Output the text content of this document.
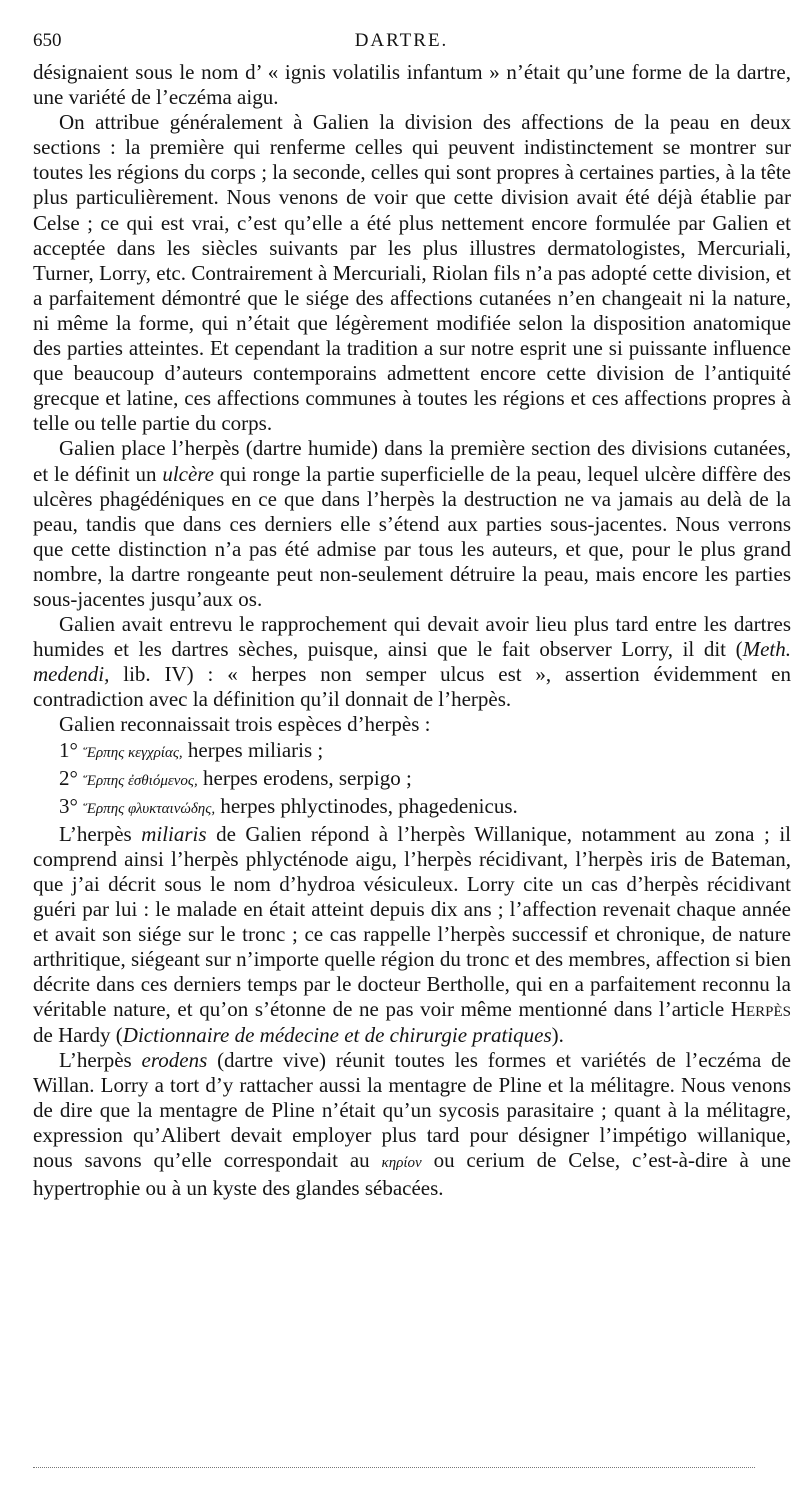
650	DARTRE.

désignaient sous le nom d’ « ignis volatilis infantum » n’était qu’une forme de la dartre, une variété de l’eczéma aigu.

On attribue généralement à Galien la division des affections de la peau en deux sections : la première qui renferme celles qui peuvent indistinctement se montrer sur toutes les régions du corps ; la seconde, celles qui sont propres à certaines parties, à la tête plus particulièrement. Nous venons de voir que cette division avait été déjà établie par Celse ; ce qui est vrai, c’est qu’elle a été plus nettement encore formulée par Galien et acceptée dans les siècles suivants par les plus illustres dermatologistes, Mercuriali, Turner, Lorry, etc. Contrairement à Mercuriali, Riolan fils n’a pas adopté cette division, et a parfaitement démontré que le siége des affections cutanées n’en changeait ni la nature, ni même la forme, qui n’était que légèrement modifiée selon la disposition anatomique des parties atteintes. Et cependant la tradition a sur notre esprit une si puissante influence que beaucoup d’auteurs contemporains admettent encore cette division de l’antiquité grecque et latine, ces affections communes à toutes les régions et ces affections propres à telle ou telle partie du corps.

Galien place l’herpès (dartre humide) dans la première section des divisions cutanées, et le définit un ulcère qui ronge la partie superficielle de la peau, lequel ulcère diffère des ulcères phagédéniques en ce que dans l’herpès la destruction ne va jamais au delà de la peau, tandis que dans ces derniers elle s’étend aux parties sous-jacentes. Nous verrons que cette distinction n’a pas été admise par tous les auteurs, et que, pour le plus grand nombre, la dartre rongeante peut non-seulement détruire la peau, mais encore les parties sous-jacentes jusqu’aux os.

Galien avait entrevu le rapprochement qui devait avoir lieu plus tard entre les dartres humides et les dartres sèches, puisque, ainsi que le fait observer Lorry, il dit (Meth. medendi, lib. IV) : « herpes non semper ulcus est », assertion évidemment en contradiction avec la définition qu’il donnait de l’herpès.

Galien reconnaissait trois espèces d’herpès :

1° Ἕρπης κεγχρίας, herpes miliaris ;

2° Ἕρπης ἐσθιόμενος, herpes erodens, serpigo ;

3° Ἕρπης φλυκταινώδης, herpes phlyctinodes, phagedenicus.

L’herpès miliaris de Galien répond à l’herpès Willanique, notamment au zona ; il comprend ainsi l’herpès phlycténode aigu, l’herpès récidivant, l’herpès iris de Bateman, que j’ai décrit sous le nom d’hydroa vésiculeux. Lorry cite un cas d’herpès récidivant guéri par lui : le malade en était atteint depuis dix ans ; l’affection revenait chaque année et avait son siége sur le tronc ; ce cas rappelle l’herpès successif et chronique, de nature arthritique, siégeant sur n’importe quelle région du tronc et des membres, affection si bien décrite dans ces derniers temps par le docteur Bertholle, qui en a parfaitement reconnu la véritable nature, et qu’on s’étonne de ne pas voir même mentionné dans l’article Herpès de Hardy (Dictionnaire de médecine et de chirurgie pratiques).

L’herpès erodens (dartre vive) réunit toutes les formes et variétés de l’eczéma de Willan. Lorry a tort d’y rattacher aussi la mentagre de Pline et la mélitagre. Nous venons de dire que la mentagre de Pline n’était qu’un sycosis parasitaire ; quant à la mélitagre, expression qu’Alibert devait employer plus tard pour désigner l’impétigo willanique, nous savons qu’elle correspondait au κηρίον ou cerium de Celse, c’est-à-dire à une hypertrophie ou à un kyste des glandes sébacées.
